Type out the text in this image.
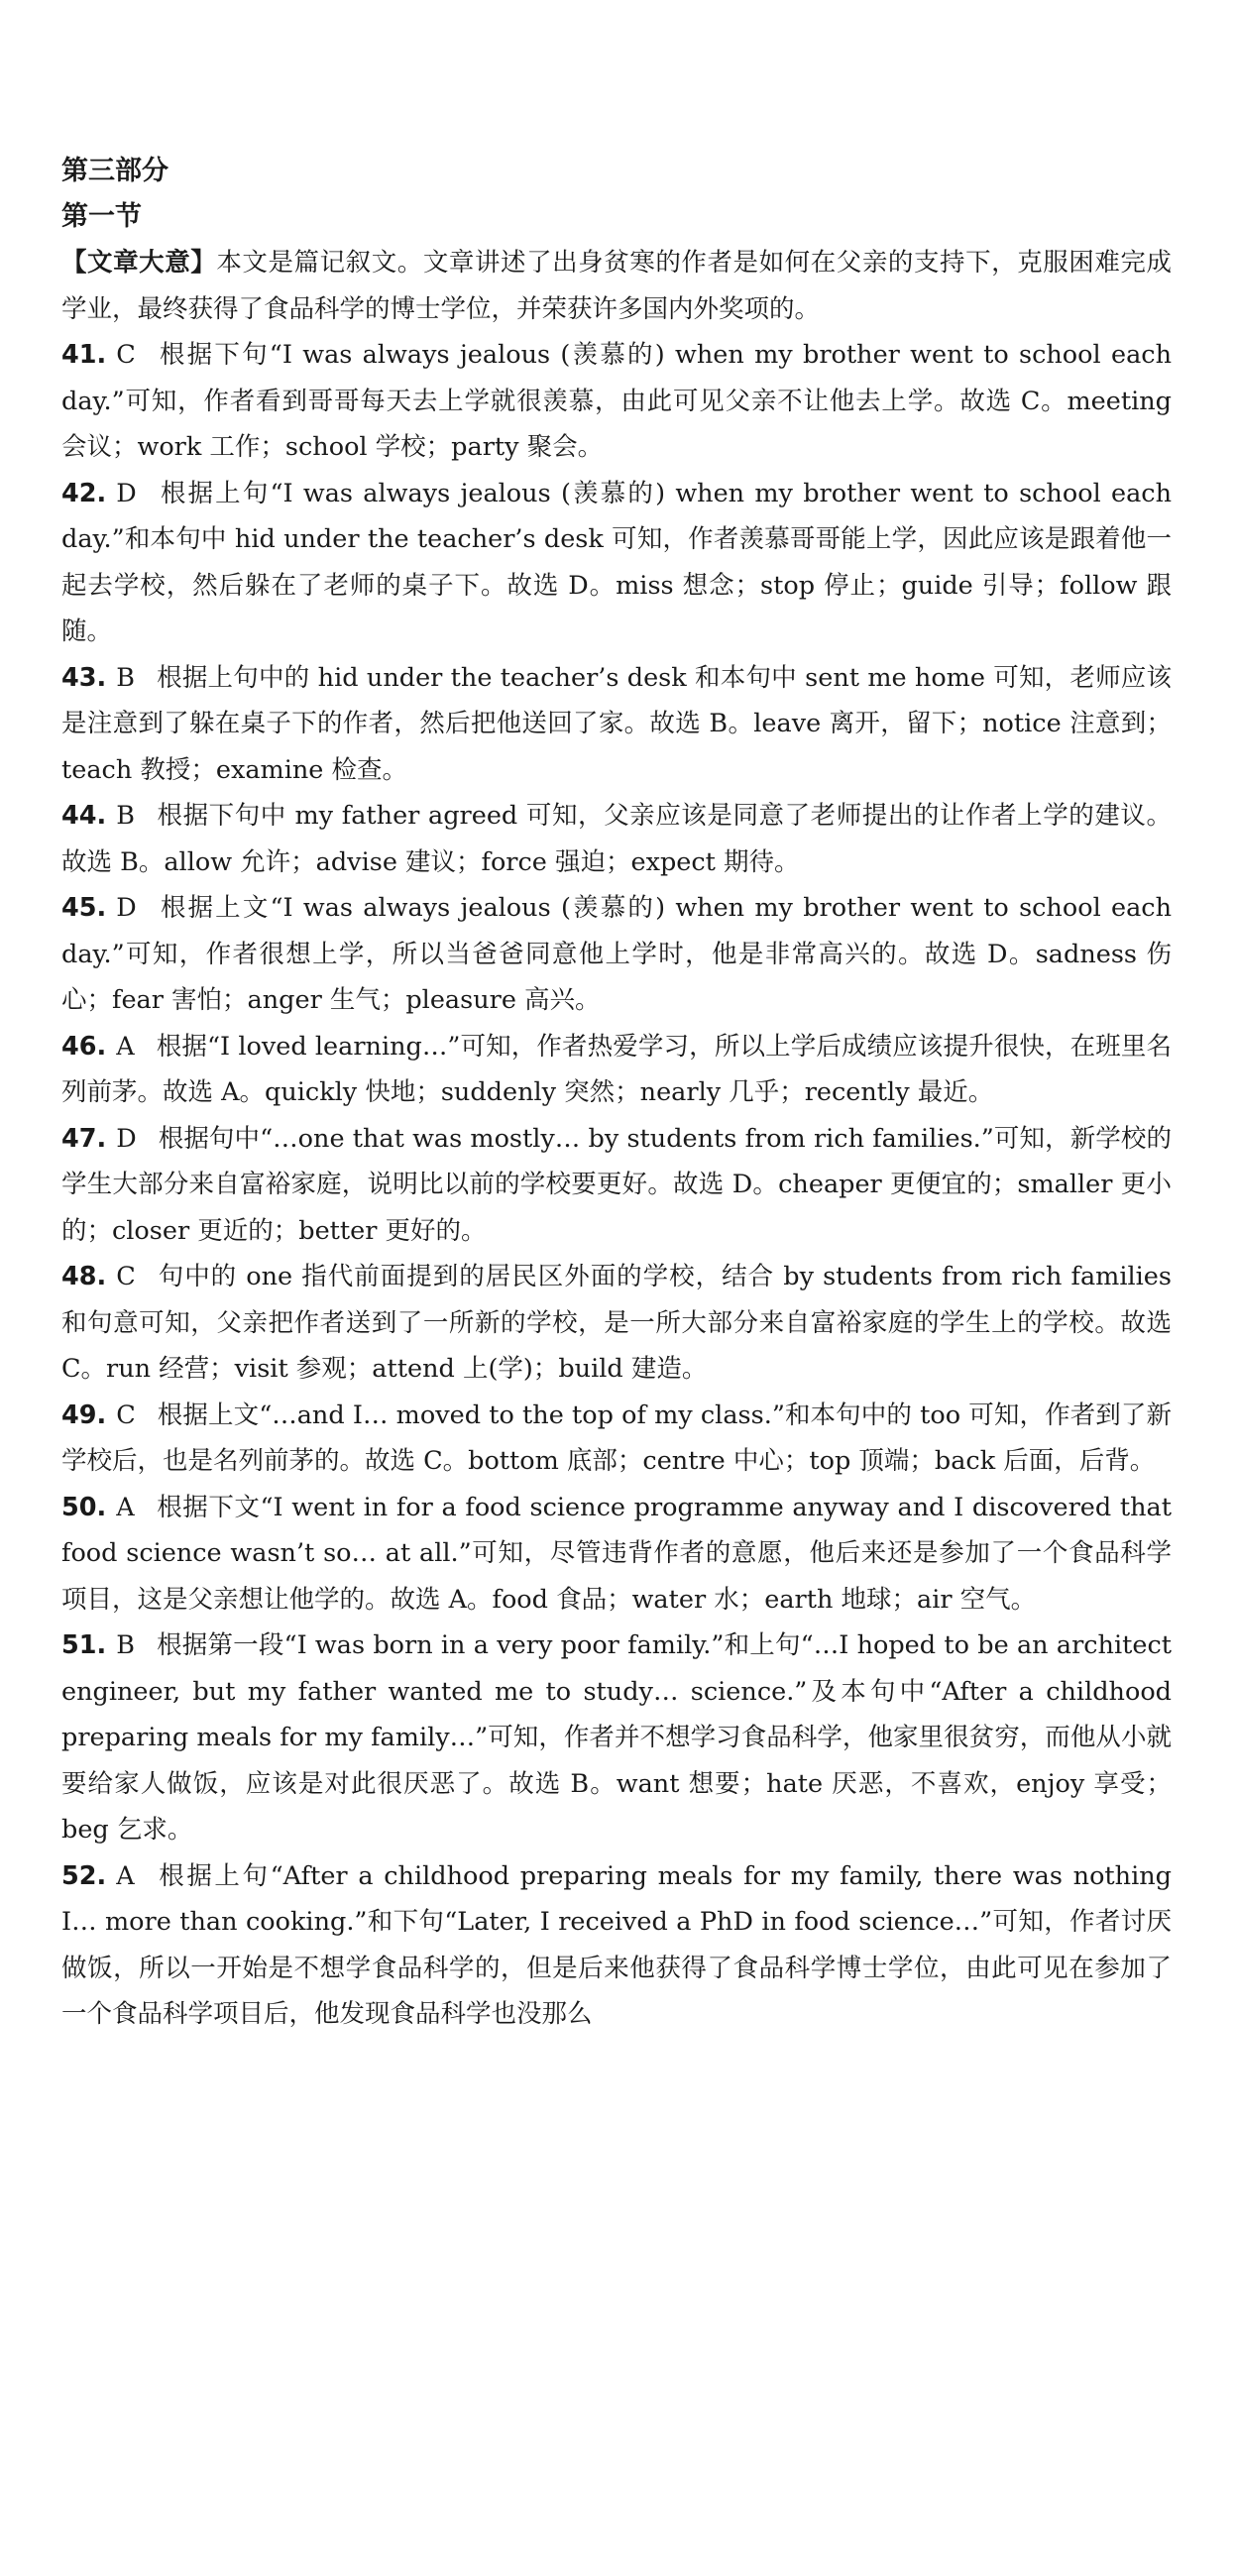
第三部分

第一节

【文章大意】本文是篇记叙文。文章讲述了出身贫寒的作者是如何在父亲的支持下，克服困难完成学业，最终获得了食品科学的博士学位，并荣获许多国内外奖项的。

41. C 根据下句“I was always jealous (羡慕的) when my brother went to school each day.”可知，作者看到哥哥每天去上学就很羡慕，由此可见父亲不让他去上学。故选 C。meeting 会议；work 工作；school 学校；party 聚会。

42. D 根据上句“I was always jealous (羡慕的) when my brother went to school each day.”和本句中 hid under the teacher’s desk 可知，作者羡慕哥哥能上学，因此应该是跟着他一起去学校，然后躲在了老师的桌子下。故选 D。miss 想念；stop 停止；guide 引导；follow 跟随。

43. B 根据上句中的 hid under the teacher’s desk 和本句中 sent me home 可知，老师应该是注意到了躲在桌子下的作者，然后把他送回了家。故选 B。leave 离开，留下；notice 注意到；teach 教授；examine 检查。

44. B 根据下句中 my father agreed 可知，父亲应该是同意了老师提出的让作者上学的建议。故选 B。allow 允许；advise 建议；force 强迫；expect 期待。

45. D 根据上文“I was always jealous (羡慕的) when my brother went to school each day.”可知，作者很想上学，所以当爸爸同意他上学时，他是非常高兴的。故选 D。sadness 伤心；fear 害怕；anger 生气；pleasure 高兴。

46. A 根据“I loved learning…”可知，作者热爱学习，所以上学后成绩应该提升很快，在班里名列前茅。故选 A。quickly 快地；suddenly 突然；nearly 几乎；recently 最近。

47. D 根据句中“…one that was mostly… by students from rich families.”可知，新学校的学生大部分来自富裕家庭，说明比以前的学校要更好。故选 D。cheaper 更便宜的；smaller 更小的；closer 更近的；better 更好的。

48. C 句中的 one 指代前面提到的居民区外面的学校，结合 by students from rich families 和句意可知，父亲把作者送到了一所新的学校，是一所大部分来自富裕家庭的学生上的学校。故选 C。run 经营；visit 参观；attend 上(学)；build 建造。

49. C 根据上文“…and I… moved to the top of my class.”和本句中的 too 可知，作者到了新学校后，也是名列前茅的。故选 C。bottom 底部；centre 中心；top 顶端；back 后面，后背。

50. A 根据下文“I went in for a food science programme anyway and I discovered that food science wasn’t so… at all.”可知，尽管违背作者的意愿，他后来还是参加了一个食品科学项目，这是父亲想让他学的。故选 A。food 食品；water 水；earth 地球；air 空气。

51. B 根据第一段“I was born in a very poor family.”和上句“…I hoped to be an architect engineer, but my father wanted me to study… science.”及本句中“After a childhood preparing meals for my family…”可知，作者并不想学习食品科学，他家里很贫穷，而他从小就要给家人做饭，应该是对此很厌恶了。故选 B。want 想要；hate 厌恶，不喜欢，enjoy 享受；beg 乞求。

52. A 根据上句“After a childhood preparing meals for my family, there was nothing I… more than cooking.”和下句“Later, I received a PhD in food science…”可知，作者讨厌做饭，所以一开始是不想学食品科学的，但是后来他获得了食品科学博士学位，由此可见在参加了一个食品科学项目后，他发现食品科学也没那么
